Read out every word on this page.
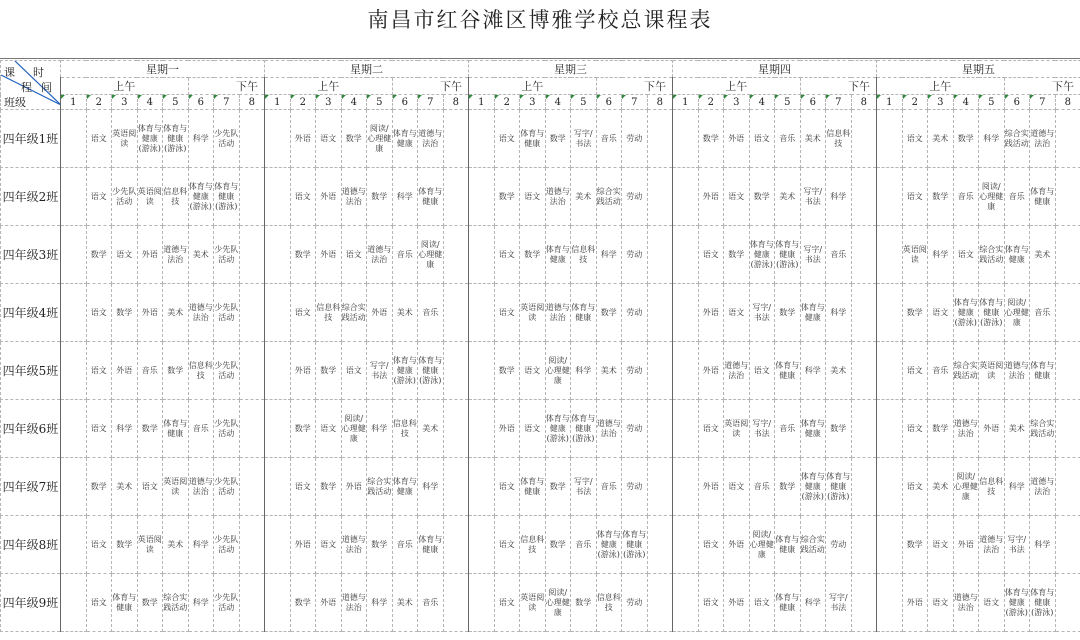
南昌市红谷滩区博雅学校总课程表
课 时
程 间
班级	星期一								星期二								星期三								星期四								星期五							
	上午					下午			上午					下午			上午					下午			上午					下午			上午					下午		
	1	2	3	4	5	6	7	8	1	2	3	4	5	6	7	8	1	2	3	4	5	6	7	8	1	2	3	4	5	6	7	8	1	2	3	4	5	6	7	8
四年级1班		语文	英语阅读	体育与健康(游泳)	体育与健康(游泳)	科学	少先队活动			外语	语文	数学	阅读/心理健康	体育与健康	道德与法治			语文	体育与健康	数学	写字/书法	音乐	劳动			数学	外语	语文	音乐	美术	信息科技			语文	美术	数学	科学	综合实践活动	道德与法治	
四年级2班		语文	少先队活动	英语阅读	信息科技	体育与健康(游泳)	体育与健康(游泳)			语文	外语	道德与法治	数学	科学	体育与健康			数学	语文	道德与法治	美术	综合实践活动	劳动			外语	语文	数学	美术	写字/书法	科学			语文	数学	音乐	阅读/心理健康	音乐	体育与健康	
四年级3班		数学	语文	外语	道德与法治	美术	少先队活动			数学	外语	语文	道德与法治	音乐	阅读/心理健康			语文	数学	体育与健康	信息科技	科学	劳动			语文	数学	体育与健康(游泳)	体育与健康(游泳)	写字/书法	音乐			英语阅读	科学	语文	综合实践活动	体育与健康	美术	
四年级4班		语文	数学	外语	美术	道德与法治	少先队活动			语文	信息科技	综合实践活动	外语	美术	音乐			语文	英语阅读	道德与法治	体育与健康	数学	劳动			外语	语文	写字/书法	数学	体育与健康	科学			数学	语文	体育与健康(游泳)	体育与健康(游泳)	阅读/心理健康	音乐	
四年级5班		语文	外语	音乐	数学	信息科技	少先队活动			外语	数学	语文	写字/书法	体育与健康(游泳)	体育与健康(游泳)			数学	语文	阅读/心理健康	科学	美术	劳动			外语	道德与法治	语文	体育与健康	科学	美术			语文	音乐	综合实践活动	英语阅读	道德与法治	体育与健康	
四年级6班		语文	科学	数学	体育与健康	音乐	少先队活动			数学	语文	阅读/心理健康	科学	信息科技	美术			外语	语文	体育与健康(游泳)	体育与健康(游泳)	道德与法治	劳动			语文	英语阅读	写字/书法	音乐	体育与健康	数学			语文	数学	道德与法治	外语	美术	综合实践活动	
四年级7班		数学	美术	语文	英语阅读	道德与法治	少先队活动			语文	数学	外语	综合实践活动	体育与健康	科学			语文	体育与健康	数学	写字/书法	音乐	劳动			外语	语文	音乐	数学	体育与健康(游泳)	体育与健康(游泳)			语文	美术	阅读/心理健康	信息科技	科学	道德与法治	
四年级8班		语文	数学	英语阅读	美术	科学	少先队活动			外语	语文	道德与法治	数学	音乐	体育与健康			语文	信息科技	数学	音乐	体育与健康(游泳)	体育与健康(游泳)			语文	外语	阅读/心理健康	体育与健康	综合实践活动	劳动			数学	语文	外语	道德与法治	写字/书法	科学	
四年级9班		语文	体育与健康	数学	综合实践活动	科学	少先队活动			数学	外语	道德与法治	科学	美术	音乐			语文	英语阅读	阅读/心理健康	数学	信息科技	劳动			语文	外语	语文	体育与健康	科学	写字/书法			外语	语文	道德与法治	语文	体育与健康(游泳)	体育与健康(游泳)	
